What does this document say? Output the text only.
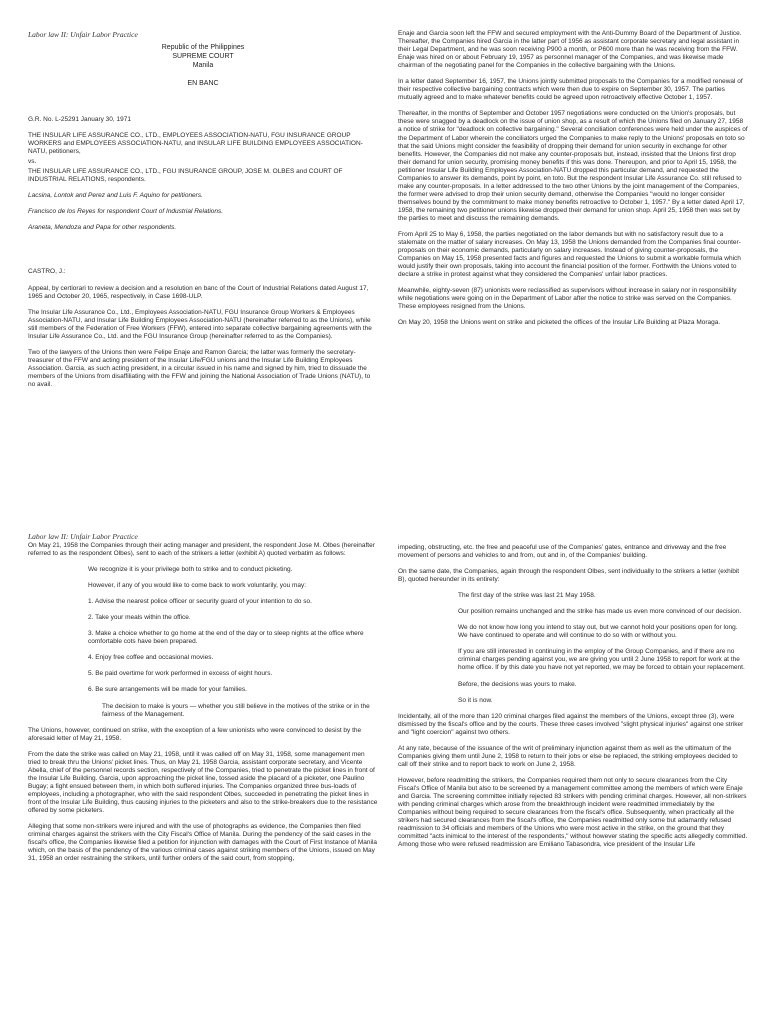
Labor law II: Unfair Labor Practice
Republic of the Philippines
SUPREME COURT
Manila
EN BANC

G.R. No. L-25291 January 30, 1971

THE INSULAR LIFE ASSURANCE CO., LTD., EMPLOYEES ASSOCIATION-NATU, FGU INSURANCE GROUP WORKERS and EMPLOYEES ASSOCIATION-NATU, and INSULAR LIFE BUILDING EMPLOYEES ASSOCIATION-NATU, petitioners,

vs.

THE INSULAR LIFE ASSURANCE CO., LTD., FGU INSURANCE GROUP, JOSE M. OLBES and COURT OF INDUSTRIAL RELATIONS, respondents.

Lacsina, Lontok and Perez and Luis F. Aquino for petitioners.

Francisco de los Reyes for respondent Court of Industrial Relations.

Araneta, Mendoza and Papa for other respondents.

CASTRO, J.:

Appeal, by certiorari to review a decision and a resolution en banc of the Court of Industrial Relations dated August 17, 1965 and October 20, 1965, respectively, in Case 1698-ULP.

The Insular Life Assurance Co., Ltd., Employees Association-NATU, FGU Insurance Group Workers & Employees Association-NATU, and Insular Life Building Employees Association-NATU (hereinafter referred to as the Unions), while still members of the Federation of Free Workers (FFW), entered into separate collective bargaining agreements with the Insular Life Assurance Co., Ltd. and the FGU Insurance Group (hereinafter referred to as the Companies).

Two of the lawyers of the Unions then were Felipe Enaje and Ramon Garcia; the latter was formerly the secretary-treasurer of the FFW and acting president of the Insular Life/FGU unions and the Insular Life Building Employees Association. Garcia, as such acting president, in a circular issued in his name and signed by him, tried to dissuade the members of the Unions from disaffiliating with the FFW and joining the National Association of Trade Unions (NATU), to no avail.

Enaje and Garcia soon left the FFW and secured employment with the Anti-Dummy Board of the Department of Justice. Thereafter, the Companies hired Garcia in the latter part of 1956 as assistant corporate secretary and legal assistant in their Legal Department, and he was soon receiving P900 a month, or P600 more than he was receiving from the FFW. Enaje was hired on or about February 19, 1957 as personnel manager of the Companies, and was likewise made chairman of the negotiating panel for the Companies in the collective bargaining with the Unions.

In a letter dated September 16, 1957, the Unions jointly submitted proposals to the Companies for a modified renewal of their respective collective bargaining contracts which were then due to expire on September 30, 1957. The parties mutually agreed and to make whatever benefits could be agreed upon retroactively effective October 1, 1957.

Thereafter, in the months of September and October 1957 negotiations were conducted on the Union's proposals, but these were snagged by a deadlock on the issue of union shop, as a result of which the Unions filed on January 27, 1958 a notice of strike for "deadlock on collective bargaining." Several conciliation conferences were held under the auspices of the Department of Labor wherein the conciliators urged the Companies to make reply to the Unions' proposals en toto so that the said Unions might consider the feasibility of dropping their demand for union security in exchange for other benefits. However, the Companies did not make any counter-proposals but, instead, insisted that the Unions first drop their demand for union security, promising money benefits if this was done. Thereupon, and prior to April 15, 1958, the petitioner Insular Life Building Employees Association-NATU dropped this particular demand, and requested the Companies to answer its demands, point by point, en toto. But the respondent Insular Life Assurance Co. still refused to make any counter-proposals. In a letter addressed to the two other Unions by the joint management of the Companies, the former were advised to drop their union security demand, otherwise the Companies "would no longer consider themselves bound by the commitment to make money benefits retroactive to October 1, 1957." By a letter dated April 17, 1958, the remaining two petitioner unions likewise dropped their demand for union shop. April 25, 1958 then was set by the parties to meet and discuss the remaining demands.

From April 25 to May 6, 1958, the parties negotiated on the labor demands but with no satisfactory result due to a stalemate on the matter of salary increases. On May 13, 1958 the Unions demanded from the Companies final counter-proposals on their economic demands, particularly on salary increases. Instead of giving counter-proposals, the Companies on May 15, 1958 presented facts and figures and requested the Unions to submit a workable formula which would justify their own proposals, taking into account the financial position of the former. Forthwith the Unions voted to declare a strike in protest against what they considered the Companies' unfair labor practices.

Meanwhile, eighty-seven (87) unionists were reclassified as supervisors without increase in salary nor in responsibility while negotiations were going on in the Department of Labor after the notice to strike was served on the Companies. These employees resigned from the Unions.

On May 20, 1958 the Unions went on strike and picketed the offices of the Insular Life Building at Plaza Moraga.

Labor law II: Unfair Labor Practice

On May 21, 1958 the Companies through their acting manager and president, the respondent Jose M. Olbes (hereinafter referred to as the respondent Olbes), sent to each of the strikers a letter (exhibit A) quoted verbatim as follows:

We recognize it is your privilege both to strike and to conduct picketing.

However, if any of you would like to come back to work voluntarily, you may:

1. Advise the nearest police officer or security guard of your intention to do so.

2. Take your meals within the office.

3. Make a choice whether to go home at the end of the day or to sleep nights at the office where comfortable cots have been prepared.

4. Enjoy free coffee and occasional movies.

5. Be paid overtime for work performed in excess of eight hours.

6. Be sure arrangements will be made for your families.

The decision to make is yours — whether you still believe in the motives of the strike or in the fairness of the Management.

The Unions, however, continued on strike, with the exception of a few unionists who were convinced to desist by the aforesaid letter of May 21, 1958.

From the date the strike was called on May 21, 1958, until it was called off on May 31, 1958, some management men tried to break thru the Unions' picket lines. Thus, on May 21, 1958 Garcia, assistant corporate secretary, and Vicente Abella, chief of the personnel records section, respectively of the Companies, tried to penetrate the picket lines in front of the Insular Life Building. Garcia, upon approaching the picket line, tossed aside the placard of a picketer, one Paulino Bugay; a fight ensued between them, in which both suffered injuries. The Companies organized three bus-loads of employees, including a photographer, who with the said respondent Olbes, succeeded in penetrating the picket lines in front of the Insular Life Building, thus causing injuries to the picketers and also to the strike-breakers due to the resistance offered by some picketers.

Alleging that some non-strikers were injured and with the use of photographs as evidence, the Companies then filed criminal charges against the strikers with the City Fiscal's Office of Manila. During the pendency of the said cases in the fiscal's office, the Companies likewise filed a petition for injunction with damages with the Court of First Instance of Manila which, on the basis of the pendency of the various criminal cases against striking members of the Unions, issued on May 31, 1958 an order restraining the strikers, until further orders of the said court, from stopping,

impeding, obstructing, etc. the free and peaceful use of the Companies' gates, entrance and driveway and the free movement of persons and vehicles to and from, out and in, of the Companies' building.

On the same date, the Companies, again through the respondent Olbes, sent individually to the strikers a letter (exhibit B), quoted hereunder in its entirety:

The first day of the strike was last 21 May 1958.

Our position remains unchanged and the strike has made us even more convinced of our decision.

We do not know how long you intend to stay out, but we cannot hold your positions open for long. We have continued to operate and will continue to do so with or without you.

If you are still interested in continuing in the employ of the Group Companies, and if there are no criminal charges pending against you, we are giving you until 2 June 1958 to report for work at the home office. If by this date you have not yet reported, we may be forced to obtain your replacement.

Before, the decisions was yours to make.

So it is now.

Incidentally, all of the more than 120 criminal charges filed against the members of the Unions, except three (3), were dismissed by the fiscal's office and by the courts. These three cases involved "slight physical injuries" against one striker and "light coercion" against two others.

At any rate, because of the issuance of the writ of preliminary injunction against them as well as the ultimatum of the Companies giving them until June 2, 1958 to return to their jobs or else be replaced, the striking employees decided to call off their strike and to report back to work on June 2, 1958.

However, before readmitting the strikers, the Companies required them not only to secure clearances from the City Fiscal's Office of Manila but also to be screened by a management committee among the members of which were Enaje and Garcia. The screening committee initially rejected 83 strikers with pending criminal charges. However, all non-strikers with pending criminal charges which arose from the breakthrough incident were readmitted immediately by the Companies without being required to secure clearances from the fiscal's office. Subsequently, when practically all the strikers had secured clearances from the fiscal's office, the Companies readmitted only some but adamantly refused readmission to 34 officials and members of the Unions who were most active in the strike, on the ground that they committed "acts inimical to the interest of the respondents," without however stating the specific acts allegedly committed. Among those who were refused readmission are Emiliano Tabasondra, vice president of the Insular Life
